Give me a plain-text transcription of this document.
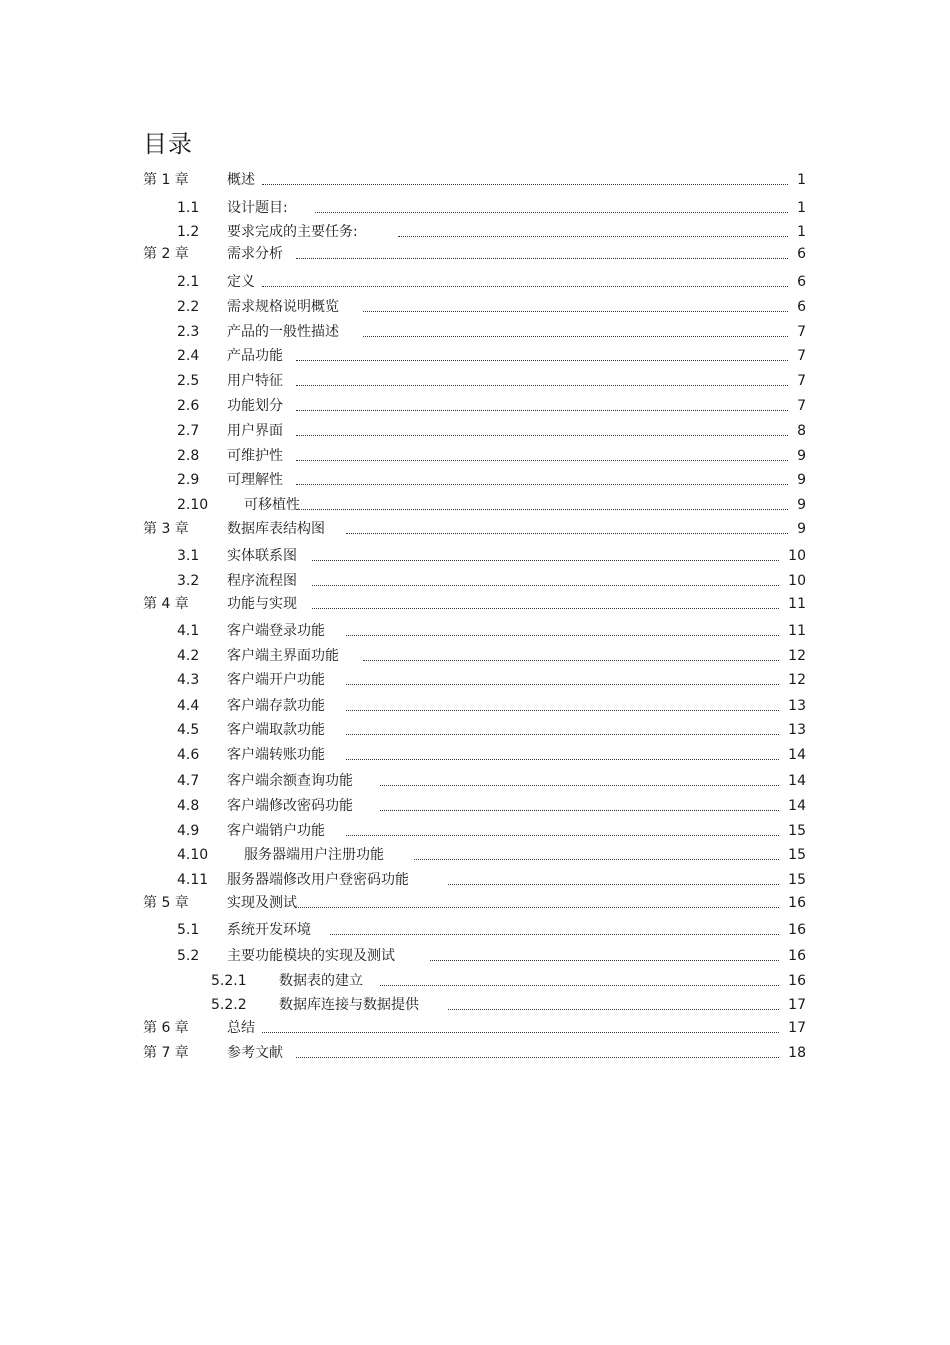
目录
第 1 章	概述	1
1.1 设计题目:	1
1.2 要求完成的主要任务:	1
第 2 章	需求分析	6
2.1 定义	6
2.2 需求规格说明概览	6
2.3 产品的一般性描述	7
2.4 产品功能	7
2.5 用户特征	7
2.6 功能划分	7
2.7 用户界面	8
2.8 可维护性	9
2.9 可理解性	9
2.10	可移植性	9
第 3 章	数据库表结构图	9
3.1 实体联系图	10
3.2 程序流程图	10
第 4 章	功能与实现	11
4.1 客户端登录功能	11
4.2 客户端主界面功能	12
4.3 客户端开户功能	12
4.4 客户端存款功能	13
4.5 客户端取款功能	13
4.6 客户端转账功能	14
4.7 客户端余额查询功能	14
4.8 客户端修改密码功能	14
4.9 客户端销户功能	15
4.10	服务器端用户注册功能	15
4.11 服务器端修改用户登密码功能	15
第 5 章	实现及测试	16
5.1 系统开发环境	16
5.2 主要功能模块的实现及测试	16
5.2.1 数据表的建立	16
5.2.2 数据库连接与数据提供	17
第 6 章	总结	17
第 7 章	参考文献	18
